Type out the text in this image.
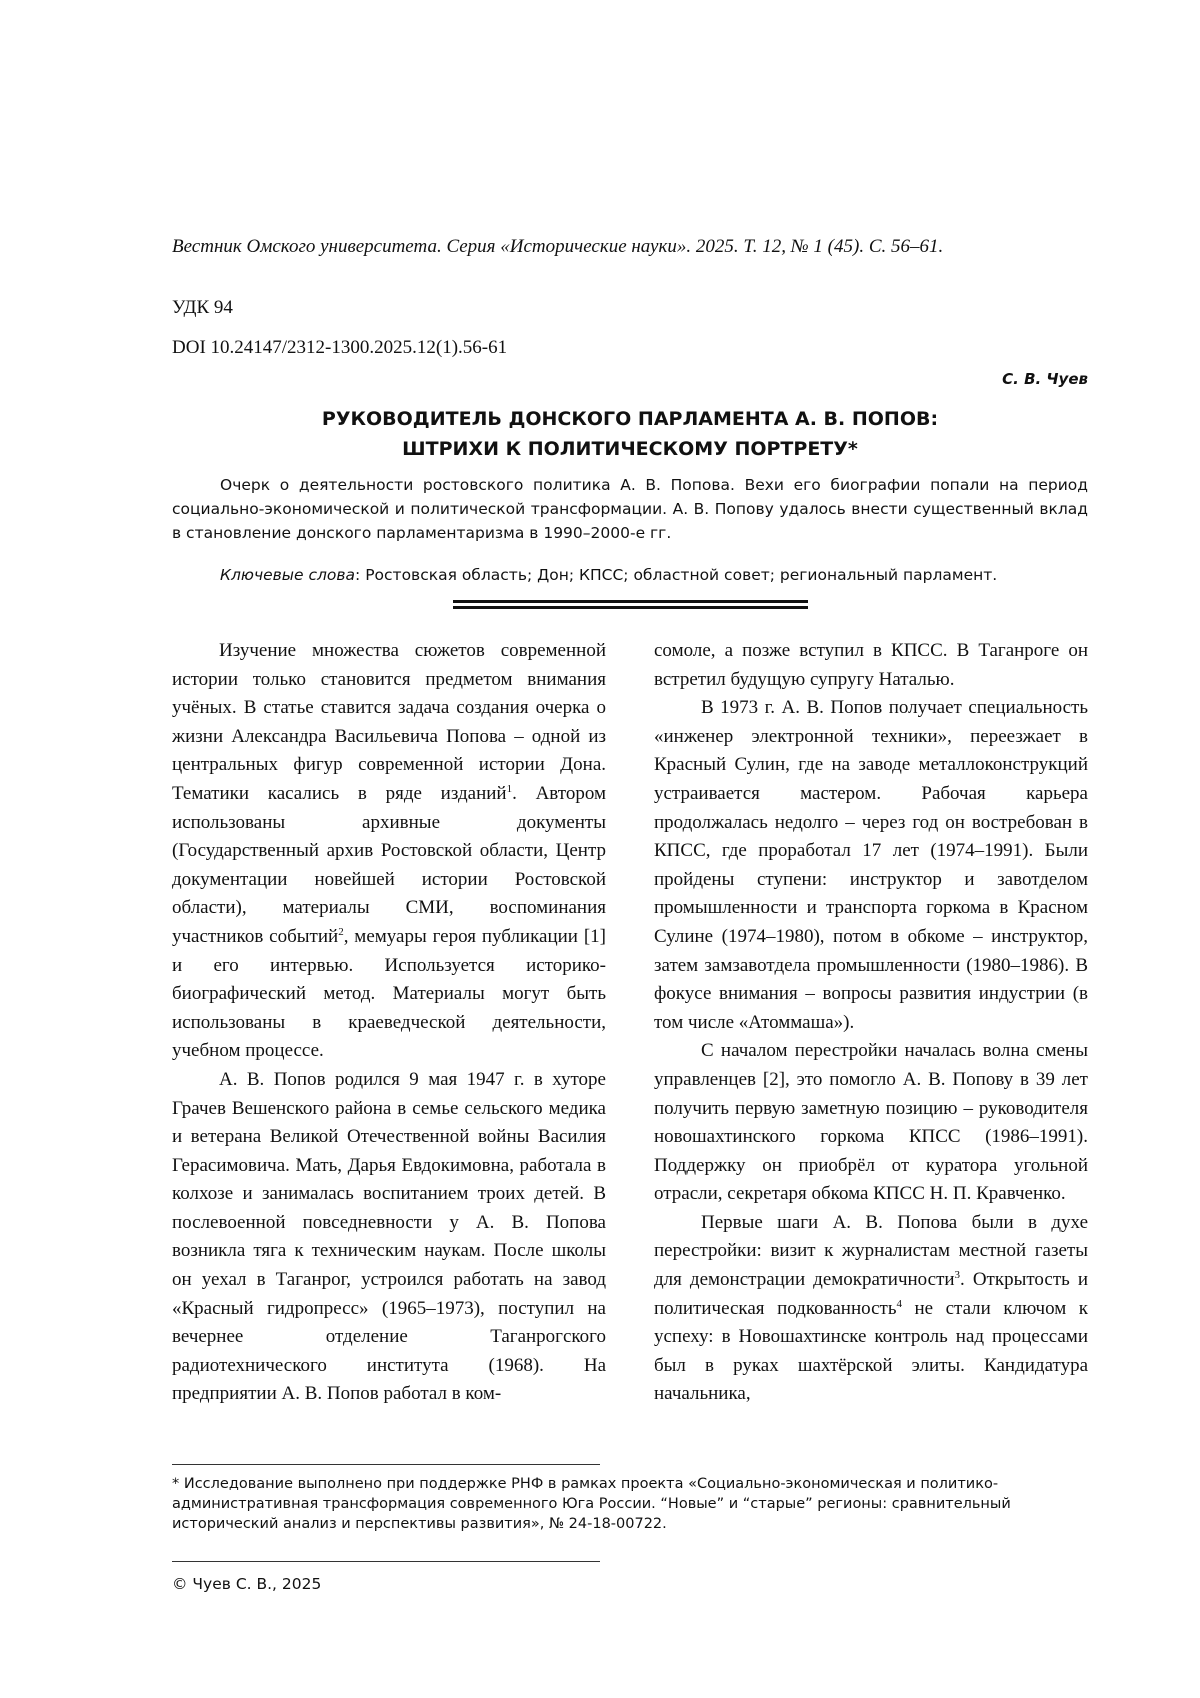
Вестник Омского университета. Серия «Исторические науки». 2025. Т. 12, № 1 (45). С. 56–61.
УДК 94
DOI 10.24147/2312-1300.2025.12(1).56-61
С. В. Чуев
РУКОВОДИТЕЛЬ ДОНСКОГО ПАРЛАМЕНТА А. В. ПОПОВ:
ШТРИХИ К ПОЛИТИЧЕСКОМУ ПОРТРЕТУ*

Очерк о деятельности ростовского политика А. В. Попова. Вехи его биографии попали на период социально-экономической и политической трансформации. А. В. Попову удалось внести существенный вклад в становление донского парламентаризма в 1990–2000-е гг.

Ключевые слова: Ростовская область; Дон; КПСС; областной совет; региональный парламент.

Изучение множества сюжетов современной истории только становится предметом внимания учёных. В статье ставится задача создания очерка о жизни Александра Васильевича Попова – одной из центральных фигур современной истории Дона. Тематики касались в ряде изданий$^1$. Автором использованы архивные документы (Государственный архив Ростовской области, Центр документации новейшей истории Ростовской области), материалы СМИ, воспоминания участников событий$^2$, мемуары героя публикации [1] и его интервью. Используется историко-биографический метод. Материалы могут быть использованы в краеведческой деятельности, учебном процессе.

А. В. Попов родился 9 мая 1947 г. в хуторе Грачев Вешенского района в семье сельского медика и ветерана Великой Отечественной войны Василия Герасимовича. Мать, Дарья Евдокимовна, работала в колхозе и занималась воспитанием троих детей. В послевоенной повседневности у А. В. Попова возникла тяга к техническим наукам. После школы он уехал в Таганрог, устроился работать на завод «Красный гидропресс» (1965–1973), поступил на вечернее отделение Таганрогского радиотехнического института (1968). На предприятии А. В. Попов работал в ком-

сомоле, а позже вступил в КПСС. В Таганроге он встретил будущую супругу Наталью.

В 1973 г. А. В. Попов получает специальность «инженер электронной техники», переезжает в Красный Сулин, где на заводе металлоконструкций устраивается мастером. Рабочая карьера продолжалась недолго – через год он востребован в КПСС, где проработал 17 лет (1974–1991). Были пройдены ступени: инструктор и завотделом промышленности и транспорта горкома в Красном Сулине (1974–1980), потом в обкоме – инструктор, затем замзавотдела промышленности (1980–1986). В фокусе внимания – вопросы развития индустрии (в том числе «Атоммаша»).

С началом перестройки началась волна смены управленцев [2], это помогло А. В. Попову в 39 лет получить первую заметную позицию – руководителя новошахтинского горкома КПСС (1986–1991). Поддержку он приобрёл от куратора угольной отрасли, секретаря обкома КПСС Н. П. Кравченко.

Первые шаги А. В. Попова были в духе перестройки: визит к журналистам местной газеты для демонстрации демократичности$^3$. Открытость и политическая подкованность$^4$ не стали ключом к успеху: в Новошахтинске контроль над процессами был в руках шахтёрской элиты. Кандидатура начальника,

* Исследование выполнено при поддержке РНФ в рамках проекта «Социально-экономическая и политико-административная трансформация современного Юга России. “Новые” и “старые” регионы: сравнительный исторический анализ и перспективы развития», № 24-18-00722.

© Чуев С. В., 2025
